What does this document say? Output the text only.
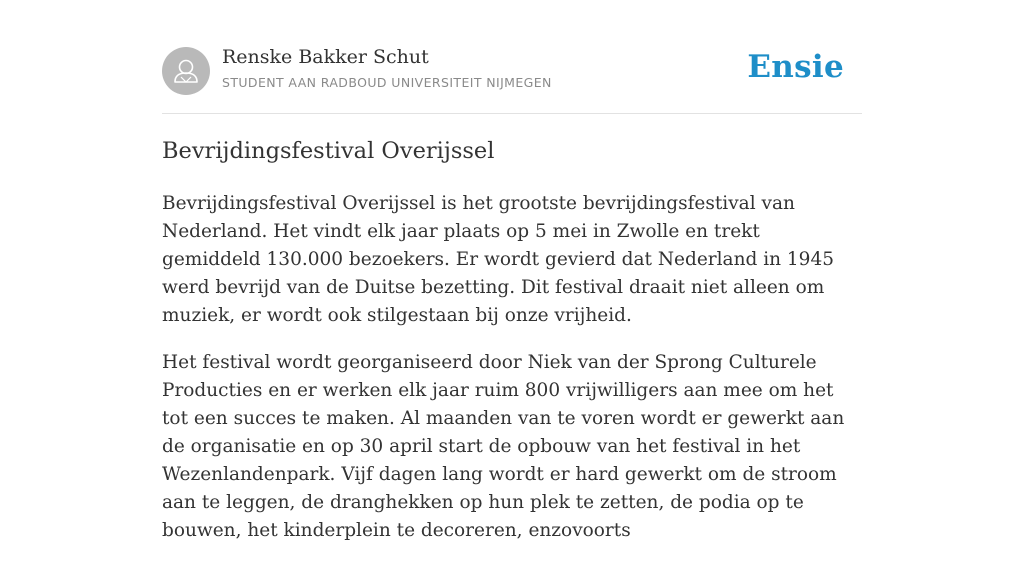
Renske Bakker Schut
STUDENT AAN RADBOUD UNIVERSITEIT NIJMEGEN	Ensie
Bevrijdingsfestival Overijssel

Bevrijdingsfestival Overijssel is het grootste bevrijdingsfestival van Nederland. Het vindt elk jaar plaats op 5 mei in Zwolle en trekt gemiddeld 130.000 bezoekers. Er wordt gevierd dat Nederland in 1945 werd bevrijd van de Duitse bezetting. Dit festival draait niet alleen om muziek, er wordt ook stilgestaan bij onze vrijheid.

Het festival wordt georganiseerd door Niek van der Sprong Culturele Producties en er werken elk jaar ruim 800 vrijwilligers aan mee om het tot een succes te maken. Al maanden van te voren wordt er gewerkt aan de organisatie en op 30 april start de opbouw van het festival in het Wezenlandenpark. Vijf dagen lang wordt er hard gewerkt om de stroom aan te leggen, de dranghekken op hun plek te zetten, de podia op te bouwen, het kinderplein te decoreren, enzovoorts
